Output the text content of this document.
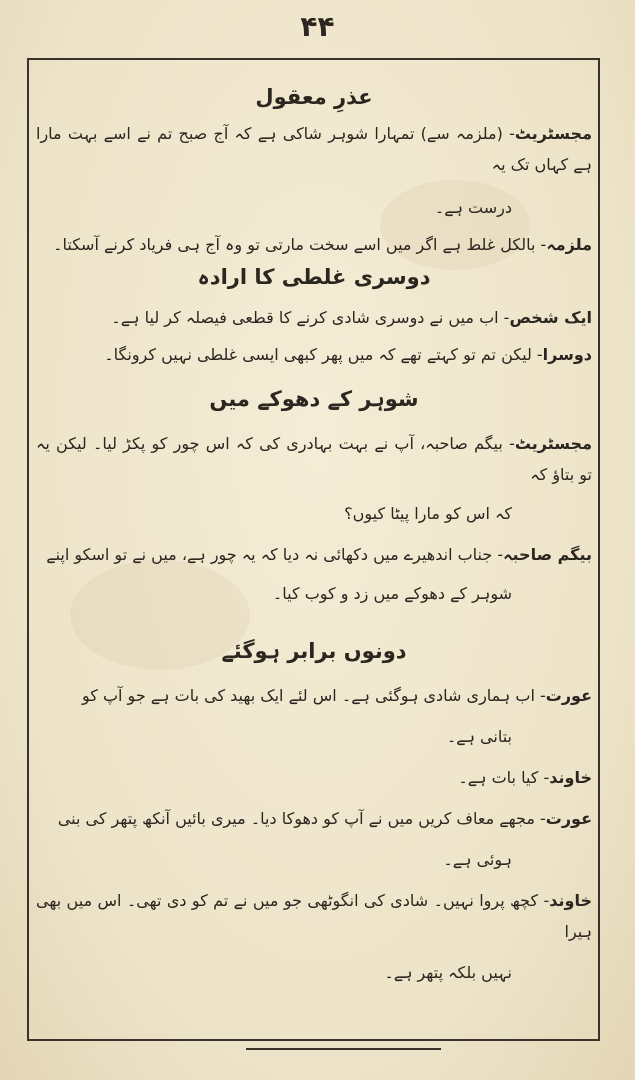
۴۴

عذرِ معقول

مجسٹریٹ- (ملزمہ سے) تمہارا شوہر شاکی ہے کہ آج صبح تم نے اسے بہت مارا ہے کہاں تک یہ

درست ہے۔

ملزمہ- بالکل غلط ہے اگر میں اسے سخت مارتی تو وہ آج ہی فریاد کرنے آسکتا۔

دوسری غلطی کا ارادہ

ایک شخص- اب میں نے دوسری شادی کرنے کا قطعی فیصلہ کر لیا ہے۔

دوسرا- لیکن تم تو کہتے تھے کہ میں پھر کبھی ایسی غلطی نہیں کرونگا۔

شوہر کے دھوکے میں

مجسٹریٹ- بیگم صاحبہ، آپ نے بہت بہادری کی کہ اس چور کو پکڑ لیا۔ لیکن یہ تو بتاؤ کہ

کہ اس کو مارا پیٹا کیوں؟

بیگم صاحبہ- جناب اندھیرے میں دکھائی نہ دیا کہ یہ چور ہے، میں نے تو اسکو اپنے

شوہر کے دھوکے میں زد و کوب کیا۔

دونوں برابر ہوگئے

عورت- اب ہماری شادی ہوگئی ہے۔ اس لئے ایک بھید کی بات ہے جو آپ کو

بتانی ہے۔

خاوند- کیا بات ہے۔

عورت- مجھے معاف کریں میں نے آپ کو دھوکا دیا۔ میری بائیں آنکھ پتھر کی بنی

ہوئی ہے۔

خاوند- کچھ پروا نہیں۔ شادی کی انگوٹھی جو میں نے تم کو دی تھی۔ اس میں بھی ہیرا

نہیں بلکہ پتھر ہے۔
